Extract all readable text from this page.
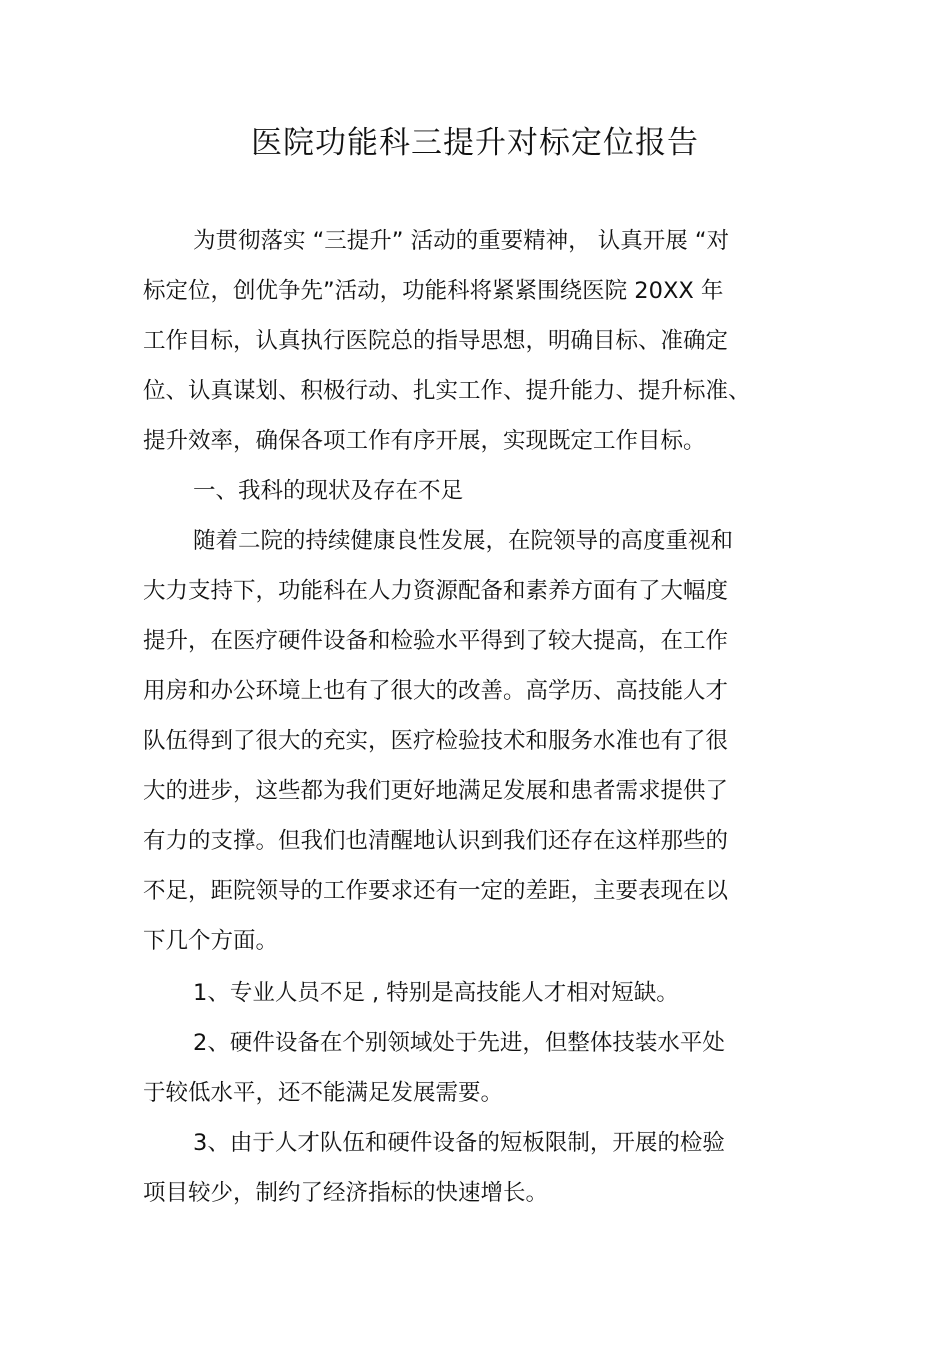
医院功能科三提升对标定位报告
为贯彻落实 “三提升” 活动的重要精神， 认真开展 “对
标定位，创优争先”活动，功能科将紧紧围绕医院 20XX 年
工作目标，认真执行医院总的指导思想，明确目标、准确定
位、认真谋划、积极行动、扎实工作、提升能力、提升标准、
提升效率，确保各项工作有序开展，实现既定工作目标。
一、我科的现状及存在不足
随着二院的持续健康良性发展，在院领导的高度重视和
大力支持下，功能科在人力资源配备和素养方面有了大幅度
提升，在医疗硬件设备和检验水平得到了较大提高，在工作
用房和办公环境上也有了很大的改善。高学历、高技能人才
队伍得到了很大的充实，医疗检验技术和服务水准也有了很
大的进步，这些都为我们更好地满足发展和患者需求提供了
有力的支撑。但我们也清醒地认识到我们还存在这样那些的
不足，距院领导的工作要求还有一定的差距，主要表现在以
下几个方面。
1、专业人员不足 , 特别是高技能人才相对短缺。
2、硬件设备在个别领域处于先进，但整体技装水平处
于较低水平，还不能满足发展需要。
3、由于人才队伍和硬件设备的短板限制，开展的检验
项目较少，制约了经济指标的快速增长。
